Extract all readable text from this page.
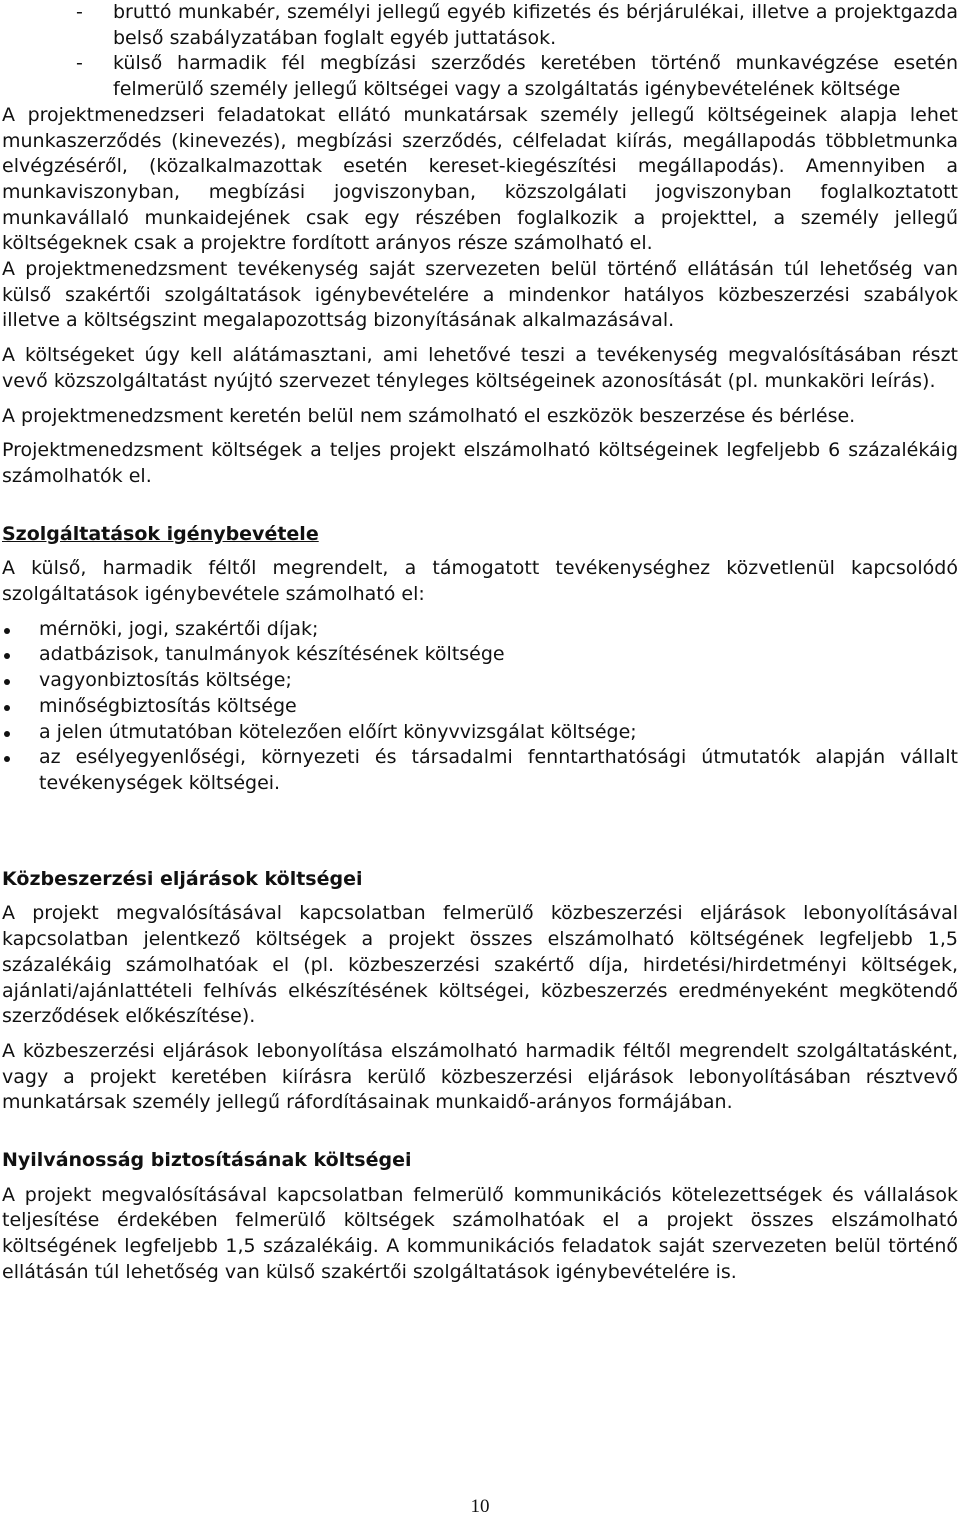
- bruttó munkabér, személyi jellegű egyéb kifizetés és bérjárulékai, illetve a projektgazda belső szabályzatában foglalt egyéb juttatások.
- külső harmadik fél megbízási szerződés keretében történő munkavégzése esetén felmerülő személy jellegű költségei vagy a szolgáltatás igénybevételének költsége

A projektmenedzseri feladatokat ellátó munkatársak személy jellegű költségeinek alapja lehet munkaszerződés (kinevezés), megbízási szerződés, célfeladat kiírás, megállapodás többletmunka elvégzéséről, (közalkalmazottak esetén kereset-kiegészítési megállapodás). Amennyiben a munkaviszonyban, megbízási jogviszonyban, közszolgálati jogviszonyban foglalkoztatott munkavállaló munkaidejének csak egy részében foglalkozik a projekttel, a személy jellegű költségeknek csak a projektre fordított arányos része számolható el.

A projektmenedzsment tevékenység saját szervezeten belül történő ellátásán túl lehetőség van külső szakértői szolgáltatások igénybevételére a mindenkor hatályos közbeszerzési szabályok illetve a költségszint megalapozottság bizonyításának alkalmazásával.

A költségeket úgy kell alátámasztani, ami lehetővé teszi a tevékenység megvalósításában részt vevő közszolgáltatást nyújtó szervezet tényleges költségeinek azonosítását (pl. munkaköri leírás).

A projektmenedzsment keretén belül nem számolható el eszközök beszerzése és bérlése.

Projektmenedzsment költségek a teljes projekt elszámolható költségeinek legfeljebb 6 százalékáig számolhatók el.

Szolgáltatások igénybevétele

A külső, harmadik féltől megrendelt, a támogatott tevékenységhez közvetlenül kapcsolódó szolgáltatások igénybevétele számolható el:

mérnöki, jogi, szakértői díjak;
adatbázisok, tanulmányok készítésének költsége
vagyonbiztosítás költsége;
minőségbiztosítás költsége
a jelen útmutatóban kötelezően előírt könyvvizsgálat költsége;
az esélyegyenlőségi, környezeti és társadalmi fenntarthatósági útmutatók alapján vállalt tevékenységek költségei.
Közbeszerzési eljárások költségei

A projekt megvalósításával kapcsolatban felmerülő közbeszerzési eljárások lebonyolításával kapcsolatban jelentkező költségek a projekt összes elszámolható költségének legfeljebb 1,5 százalékáig számolhatóak el (pl. közbeszerzési szakértő díja, hirdetési/hirdetményi költségek, ajánlati/ajánlattételi felhívás elkészítésének költségei, közbeszerzés eredményeként megkötendő szerződések előkészítése).

A közbeszerzési eljárások lebonyolítása elszámolható harmadik féltől megrendelt szolgáltatásként, vagy a projekt keretében kiírásra kerülő közbeszerzési eljárások lebonyolításában résztvevő munkatársak személy jellegű ráfordításainak munkaidő-arányos formájában.

Nyilvánosság biztosításának költségei

A projekt megvalósításával kapcsolatban felmerülő kommunikációs kötelezettségek és vállalások teljesítése érdekében felmerülő költségek számolhatóak el a projekt összes elszámolható költségének legfeljebb 1,5 százalékáig. A kommunikációs feladatok saját szervezeten belül történő ellátásán túl lehetőség van külső szakértői szolgáltatások igénybevételére is.

10
